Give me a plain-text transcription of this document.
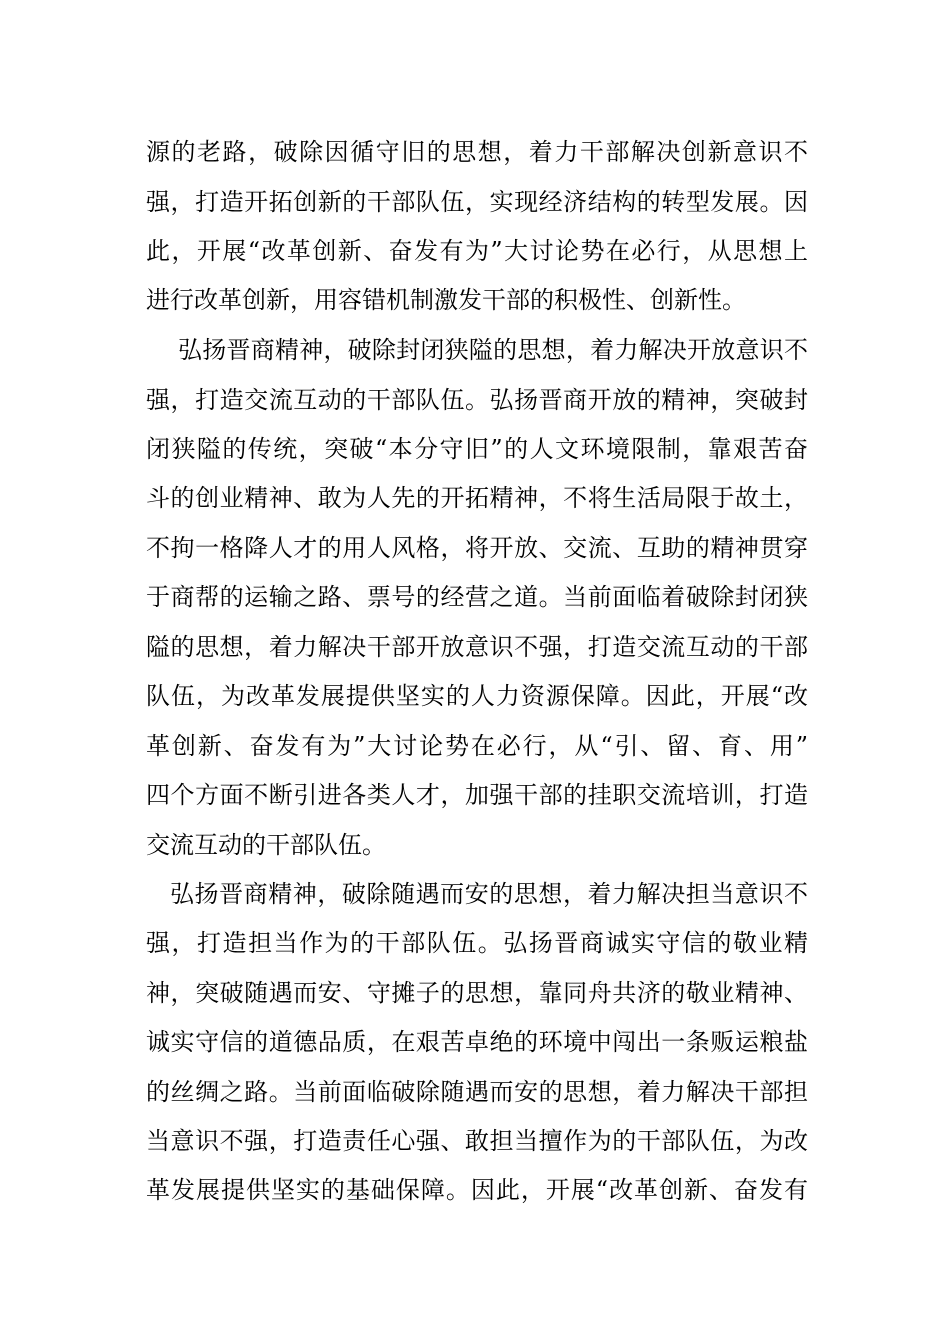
源的老路，破除因循守旧的思想，着力干部解决创新意识不
强，打造开拓创新的干部队伍，实现经济结构的转型发展。因
此，开展“改革创新、奋发有为”大讨论势在必行，从思想上
进行改革创新，用容错机制激发干部的积极性、创新性。
弘扬晋商精神，破除封闭狭隘的思想，着力解决开放意识不
强，打造交流互动的干部队伍。弘扬晋商开放的精神，突破封
闭狭隘的传统，突破“本分守旧”的人文环境限制，靠艰苦奋
斗的创业精神、敢为人先的开拓精神，不将生活局限于故土，
不拘一格降人才的用人风格，将开放、交流、互助的精神贯穿
于商帮的运输之路、票号的经营之道。当前面临着破除封闭狭
隘的思想，着力解决干部开放意识不强，打造交流互动的干部
队伍，为改革发展提供坚实的人力资源保障。因此，开展“改
革创新、奋发有为”大讨论势在必行，从“引、留、育、用”
四个方面不断引进各类人才，加强干部的挂职交流培训，打造
交流互动的干部队伍。
弘扬晋商精神，破除随遇而安的思想，着力解决担当意识不
强，打造担当作为的干部队伍。弘扬晋商诚实守信的敬业精
神，突破随遇而安、守摊子的思想，靠同舟共济的敬业精神、
诚实守信的道德品质，在艰苦卓绝的环境中闯出一条贩运粮盐
的丝绸之路。当前面临破除随遇而安的思想，着力解决干部担
当意识不强，打造责任心强、敢担当擅作为的干部队伍，为改
革发展提供坚实的基础保障。因此，开展“改革创新、奋发有
